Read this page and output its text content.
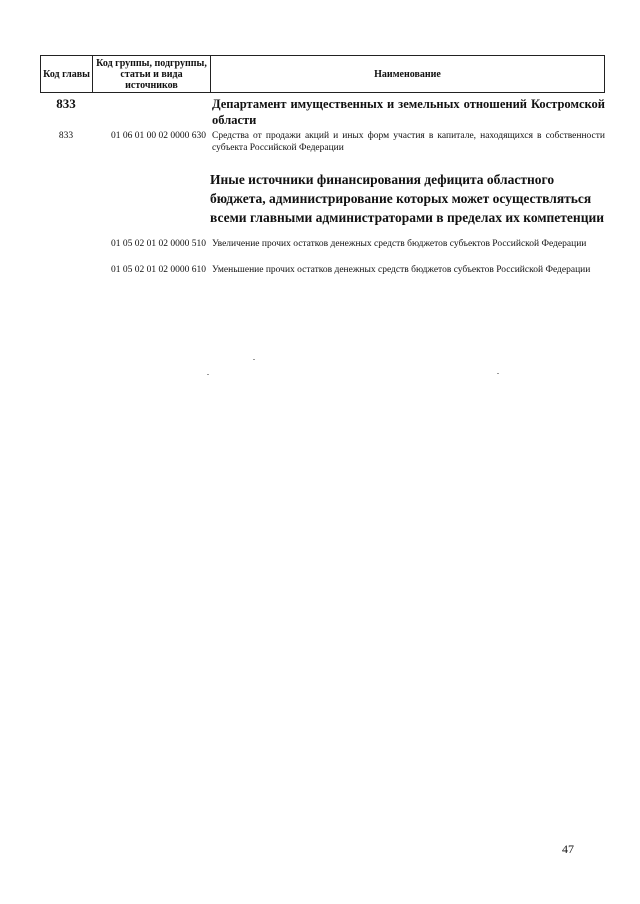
Код главы
Код группы, подгруппы, статьи и вида источников
Наименование
833	Департамент имущественных и земельных отношений Костромской области
833	01 06 01 00 02 0000 630 Средства от продажи акций и иных форм участия в капитале, находящихся в собственности субъекта Российской Федерации
Иные источники финансирования дефицита областного бюджета, администрирование которых может осуществляться всеми главными администраторами в пределах их компетенции
01 05 02 01 02 0000 510 Увеличение прочих остатков денежных средств бюджетов субъектов Российской Федерации
01 05 02 01 02 0000 610 Уменьшение прочих остатков денежных средств бюджетов субъектов Российской Федерации
47
